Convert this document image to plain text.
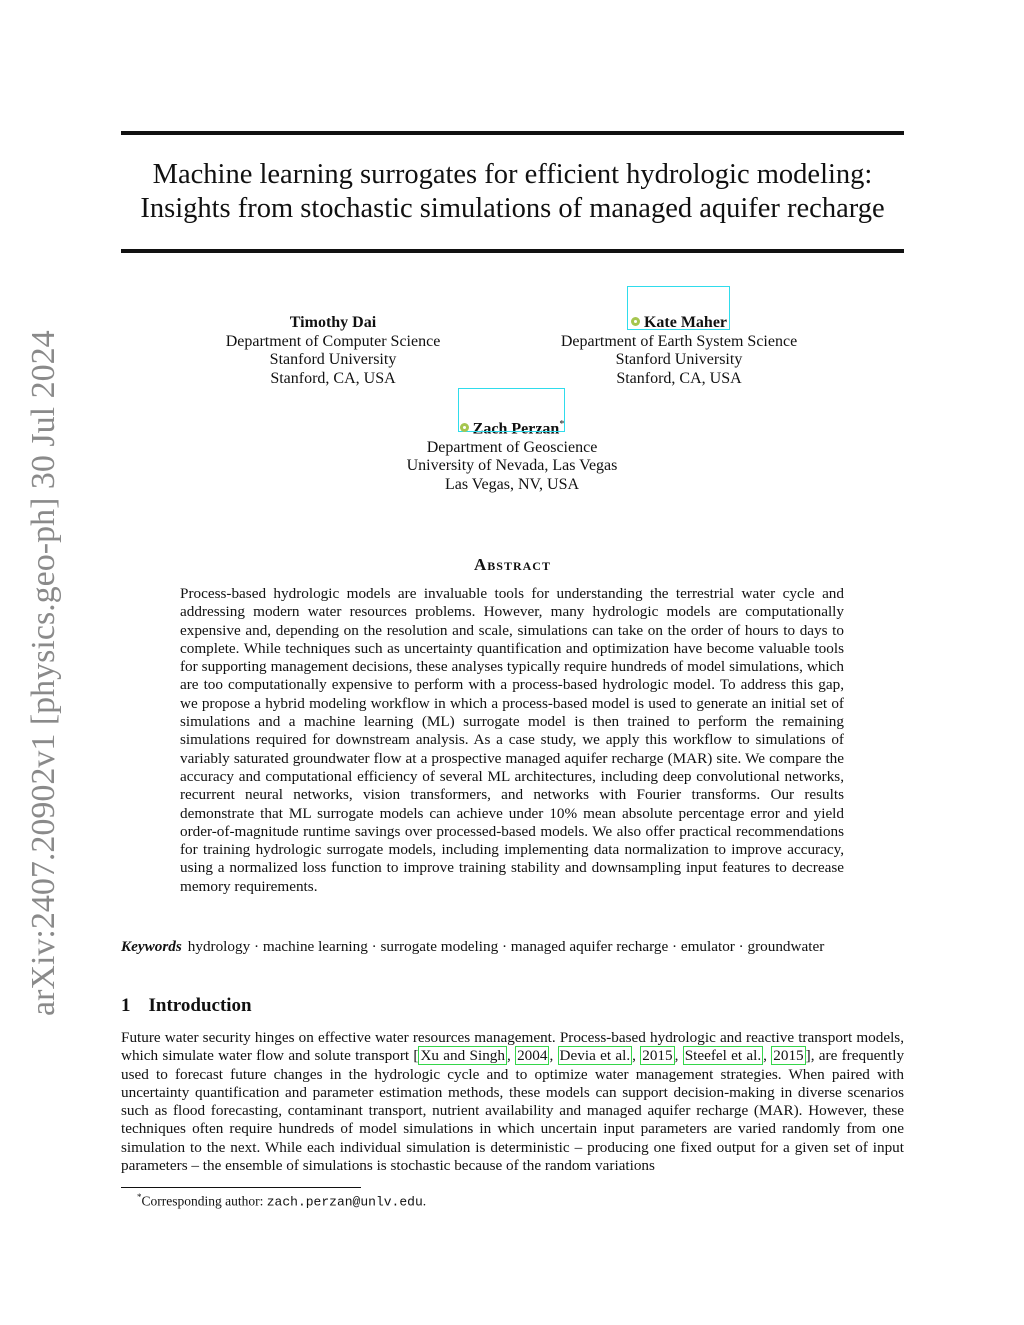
arXiv:2407.20902v1 [physics.geo-ph] 30 Jul 2024
Machine learning surrogates for efficient hydrologic modeling:
Insights from stochastic simulations of managed aquifer recharge
Timothy Dai
Department of Computer Science
Stanford University
Stanford, CA, USA
Kate Maher
Department of Earth System Science
Stanford University
Stanford, CA, USA
Zach Perzan*
Department of Geoscience
University of Nevada, Las Vegas
Las Vegas, NV, USA
Abstract
Process-based hydrologic models are invaluable tools for understanding the terrestrial water cycle and addressing modern water resources problems. However, many hydrologic models are computationally expensive and, depending on the resolution and scale, simulations can take on the order of hours to days to complete. While techniques such as uncertainty quantification and optimization have become valuable tools for supporting management decisions, these analyses typically require hundreds of model simulations, which are too computationally expensive to perform with a process-based hydrologic model. To address this gap, we propose a hybrid modeling workflow in which a process-based model is used to generate an initial set of simulations and a machine learning (ML) surrogate model is then trained to perform the remaining simulations required for downstream analysis. As a case study, we apply this workflow to simulations of variably saturated groundwater flow at a prospective managed aquifer recharge (MAR) site. We compare the accuracy and computational efficiency of several ML architectures, including deep convolutional networks, recurrent neural networks, vision transformers, and networks with Fourier transforms. Our results demonstrate that ML surrogate models can achieve under 10% mean absolute percentage error and yield order-of-magnitude runtime savings over processed-based models. We also offer practical recommendations for training hydrologic surrogate models, including implementing data normalization to improve accuracy, using a normalized loss function to improve training stability and downsampling input features to decrease memory requirements.
Keywords hydrology · machine learning · surrogate modeling · managed aquifer recharge · emulator · groundwater
1 Introduction
Future water security hinges on effective water resources management. Process-based hydrologic and reactive transport models, which simulate water flow and solute transport [ Xu and Singh , 2004 , Devia et al. , 2015 , Steefel et al. , 2015 ], are frequently used to forecast future changes in the hydrologic cycle and to optimize water management strategies. When paired with uncertainty quantification and parameter estimation methods, these models can support decision-making in diverse scenarios such as flood forecasting, contaminant transport, nutrient availability and managed aquifer recharge (MAR). However, these techniques often require hundreds of model simulations in which uncertain input parameters are varied randomly from one simulation to the next. While each individual simulation is deterministic – producing one fixed output for a given set of input parameters – the ensemble of simulations is stochastic because of the random variations
*Corresponding author: zach.perzan@unlv.edu.
